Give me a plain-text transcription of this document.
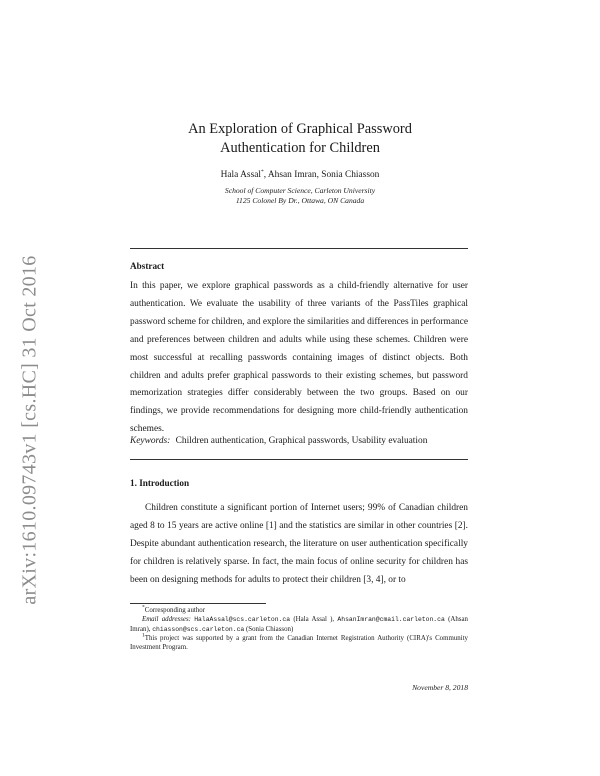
arXiv:1610.09743v1 [cs.HC] 31 Oct 2016
An Exploration of Graphical Password
Authentication for Children
Hala Assal*, Ahsan Imran, Sonia Chiasson
School of Computer Science, Carleton University
1125 Colonel By Dr., Ottawa, ON Canada
Abstract
In this paper, we explore graphical passwords as a child-friendly alternative for user authentication. We evaluate the usability of three variants of the PassTiles graphical password scheme for children, and explore the similarities and differences in performance and preferences between children and adults while using these schemes. Children were most successful at recalling passwords containing images of distinct objects. Both children and adults prefer graphical passwords to their existing schemes, but password memorization strategies differ considerably between the two groups. Based on our findings, we provide recommendations for designing more child-friendly authentication schemes.
Keywords: Children authentication, Graphical passwords, Usability evaluation
1. Introduction
Children constitute a significant portion of Internet users; 99% of Canadian children aged 8 to 15 years are active online [1] and the statistics are similar in other countries [2]. Despite abundant authentication research, the literature on user authentication specifically for children is relatively sparse. In fact, the main focus of online security for children has been on designing methods for adults to protect their children [3, 4], or to

*Corresponding author

Email addresses: HalaAssal@scs.carleton.ca (Hala Assal ), AhsanImran@cmail.carleton.ca (Ahsan Imran), chiasson@scs.carleton.ca (Sonia Chiasson)

$^1$This project was supported by a grant from the Canadian Internet Registration Authority (CIRA)'s Community Investment Program.

November 8, 2018
